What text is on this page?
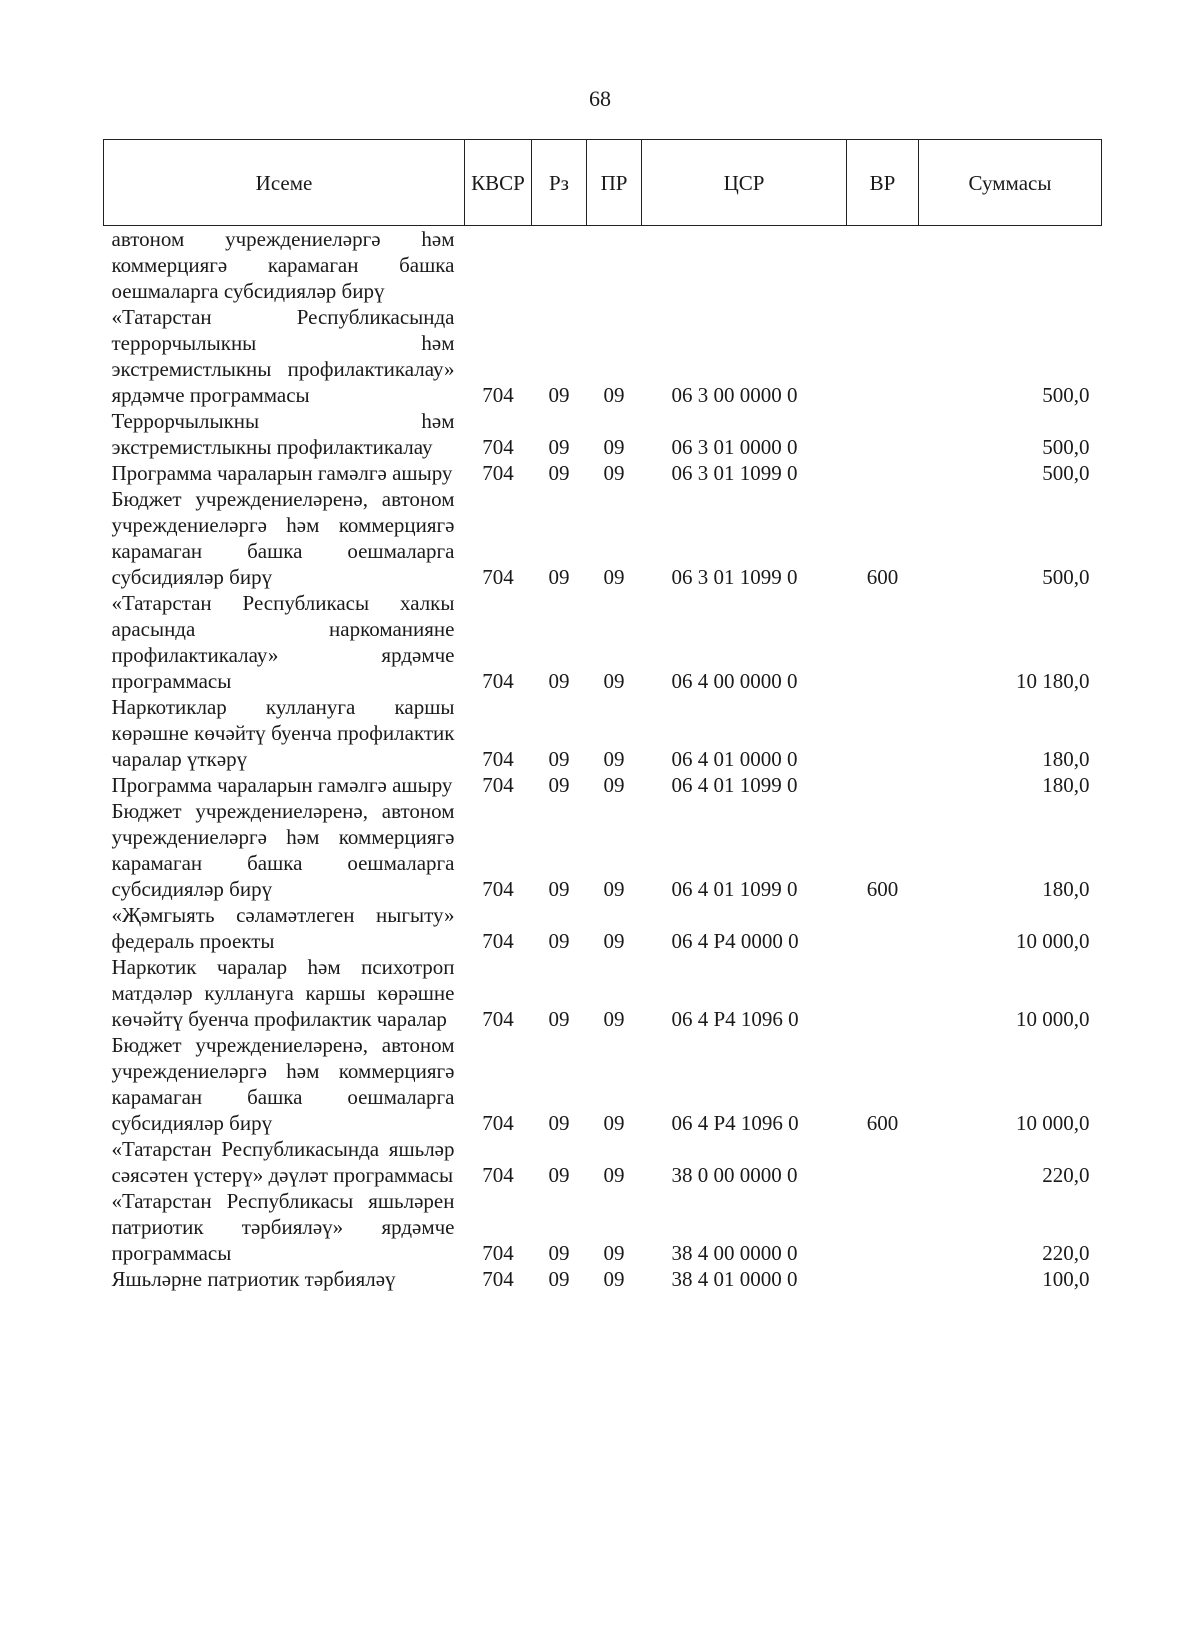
68
Исеме	КВСР	Рз	ПР	ЦСР	ВР	Суммасы
автоном учреждениеләргә һәм коммерциягә карамаган башка оешмаларга субсидияләр бирү						
«Татарстан Республикасында террорчылыкны һәм экстремистлыкны профилактикалау» ярдәмче программасы	704	09	09	06 3 00 0000 0		500,0
Террорчылыкны һәм экстремистлыкны профилактикалау	704	09	09	06 3 01 0000 0		500,0
Программа чараларын гамәлгә ашыру	704	09	09	06 3 01 1099 0		500,0
Бюджет учреждениеләренә, автоном учреждениеләргә һәм коммерциягә карамаган башка оешмаларга субсидияләр бирү	704	09	09	06 3 01 1099 0	600	500,0
«Татарстан Республикасы халкы арасында наркоманияне профилактикалау» ярдәмче программасы	704	09	09	06 4 00 0000 0		10 180,0
Наркотиклар куллануга каршы көрәшне көчәйтү буенча профилактик чаралар үткәрү	704	09	09	06 4 01 0000 0		180,0
Программа чараларын гамәлгә ашыру	704	09	09	06 4 01 1099 0		180,0
Бюджет учреждениеләренә, автоном учреждениеләргә һәм коммерциягә карамаган башка оешмаларга субсидияләр бирү	704	09	09	06 4 01 1099 0	600	180,0
«Җәмгыять сәламәтлеген ныгыту» федераль проекты	704	09	09	06 4 Р4 0000 0		10 000,0
Наркотик чаралар һәм психотроп матдәләр куллануга каршы көрәшне көчәйтү буенча профилактик чаралар	704	09	09	06 4 Р4 1096 0		10 000,0
Бюджет учреждениеләренә, автоном учреждениеләргә һәм коммерциягә карамаган башка оешмаларга субсидияләр бирү	704	09	09	06 4 Р4 1096 0	600	10 000,0
«Татарстан Республикасында яшьләр сәясәтен үстерү» дәүләт программасы	704	09	09	38 0 00 0000 0		220,0
«Татарстан Республикасы яшьләрен патриотик тәрбияләү» ярдәмче программасы	704	09	09	38 4 00 0000 0		220,0
Яшьләрне патриотик тәрбияләү	704	09	09	38 4 01 0000 0		100,0
